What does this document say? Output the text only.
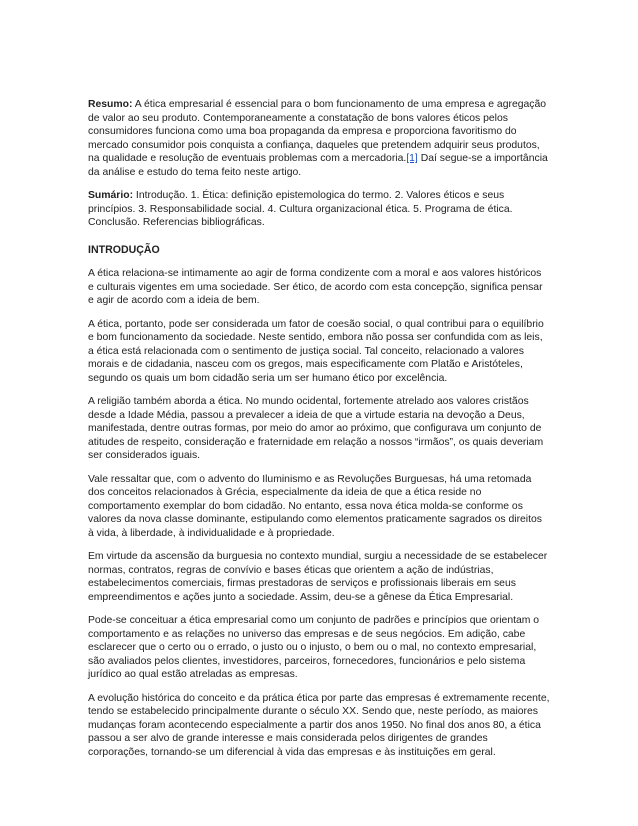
Resumo: A ética empresarial é essencial para o bom funcionamento de uma empresa e agregação de valor ao seu produto. Contemporaneamente a constatação de bons valores éticos pelos consumidores funciona como uma boa propaganda da empresa e proporciona favoritismo do mercado consumidor pois conquista a confiança, daqueles que pretendem adquirir seus produtos, na qualidade e resolução de eventuais problemas com a mercadoria.[1] Daí segue-se a importância da análise e estudo do tema feito neste artigo.

Sumário: Introdução. 1. Ética: definição epistemologica do termo. 2. Valores éticos e seus princípios. 3. Responsabilidade social. 4. Cultura organizacional ética. 5. Programa de ética. Conclusão. Referencias bibliográficas.

INTRODUÇÃO

A ética relaciona-se intimamente ao agir de forma condizente com a moral e aos valores históricos e culturais vigentes em uma sociedade. Ser ético, de acordo com esta concepção, significa pensar e agir de acordo com a ideia de bem.

A ética, portanto, pode ser considerada um fator de coesão social, o qual contribui para o equilíbrio e bom funcionamento da sociedade. Neste sentido, embora não possa ser confundida com as leis, a ética está relacionada com o sentimento de justiça social. Tal conceito, relacionado a valores morais e de cidadania, nasceu com os gregos, mais especificamente com Platão e Aristóteles, segundo os quais um bom cidadão seria um ser humano ético por excelência.

A religião também aborda a ética. No mundo ocidental, fortemente atrelado aos valores cristãos desde a Idade Média, passou a prevalecer a ideia de que a virtude estaria na devoção a Deus, manifestada, dentre outras formas, por meio do amor ao próximo, que configurava um conjunto de atitudes de respeito, consideração e fraternidade em relação a nossos “irmãos”, os quais deveriam ser considerados iguais.

Vale ressaltar que, com o advento do Iluminismo e as Revoluções Burguesas, há uma retomada dos conceitos relacionados à Grécia, especialmente da ideia de que a ética reside no comportamento exemplar do bom cidadão. No entanto, essa nova ética molda-se conforme os valores da nova classe dominante, estipulando como elementos praticamente sagrados os direitos à vida, à liberdade, à individualidade e à propriedade.

Em virtude da ascensão da burguesia no contexto mundial, surgiu a necessidade de se estabelecer normas, contratos, regras de convívio e bases éticas que orientem a ação de indústrias, estabelecimentos comerciais, firmas prestadoras de serviços e profissionais liberais em seus empreendimentos e ações junto a sociedade. Assim, deu-se a gênese da Ética Empresarial.

Pode-se conceituar a ética empresarial como um conjunto de padrões e princípios que orientam o comportamento e as relações no universo das empresas e de seus negócios. Em adição, cabe esclarecer que o certo ou o errado, o justo ou o injusto, o bem ou o mal, no contexto empresarial, são avaliados pelos clientes, investidores, parceiros, fornecedores, funcionários e pelo sistema jurídico ao qual estão atreladas as empresas.

A evolução histórica do conceito e da prática ética por parte das empresas é extremamente recente, tendo se estabelecido principalmente durante o século XX. Sendo que, neste período, as maiores mudanças foram acontecendo especialmente a partir dos anos 1950. No final dos anos 80, a ética passou a ser alvo de grande interesse e mais considerada pelos dirigentes de grandes corporações, tornando-se um diferencial à vida das empresas e às instituições em geral.
